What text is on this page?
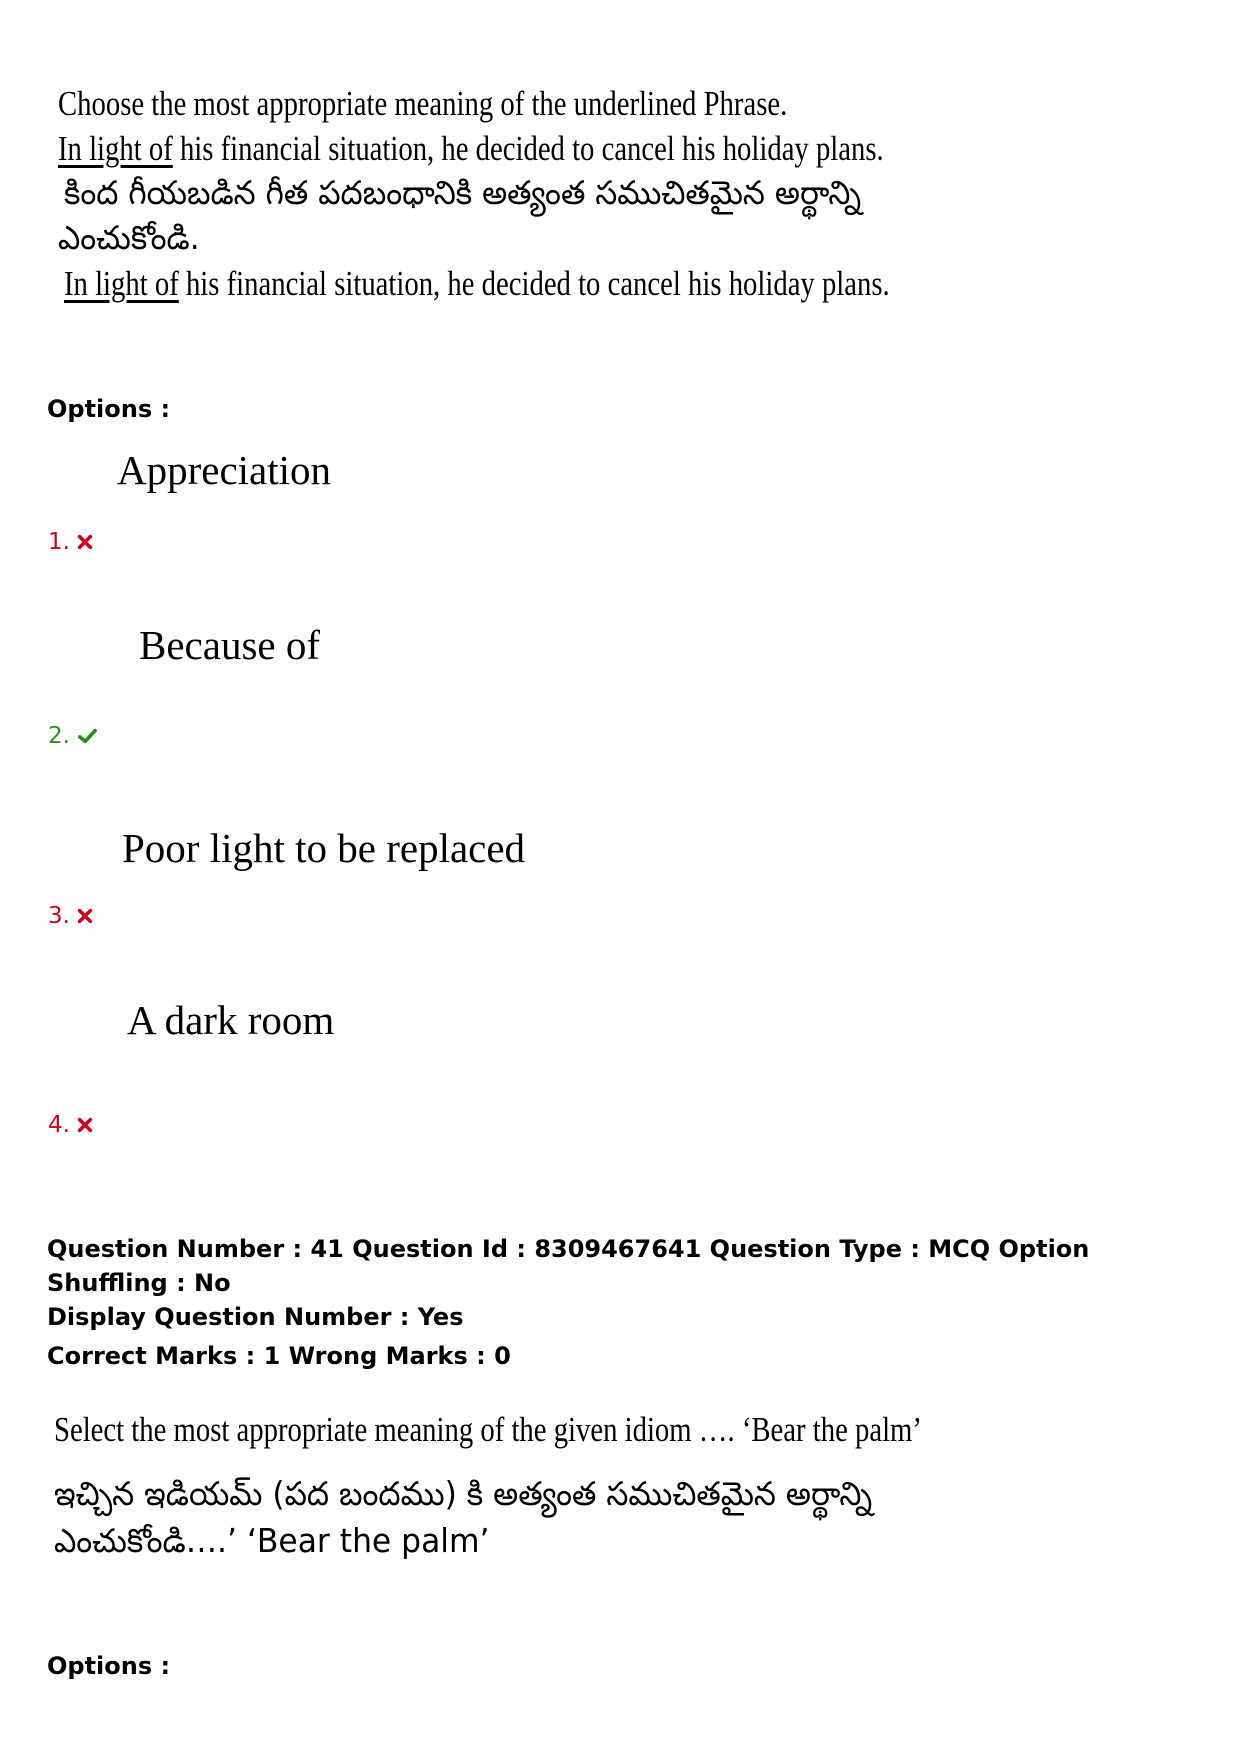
Choose the most appropriate meaning of the underlined Phrase.
In light of his financial situation, he decided to cancel his holiday plans.
కింద గీయబడిన గీత పదబంధానికి అత్యంత సముచితమైన అర్థాన్ని
ఎంచుకోండి.
In light of his financial situation, he decided to cancel his holiday plans.
Options :
Appreciation
1.
Because of
2.
Poor light to be replaced
3.
A dark room
4.
Question Number : 41 Question Id : 8309467641 Question Type : MCQ Option Shuffling : No
Display Question Number : Yes
Correct Marks : 1 Wrong Marks : 0
Select the most appropriate meaning of the given idiom …. ‘Bear the palm’
ఇచ్చిన ఇడియమ్ (పద బందము) కి అత్యంత సముచితమైన అర్థాన్ని
ఎంచుకోండి….’ ‘Bear the palm’
Options :
